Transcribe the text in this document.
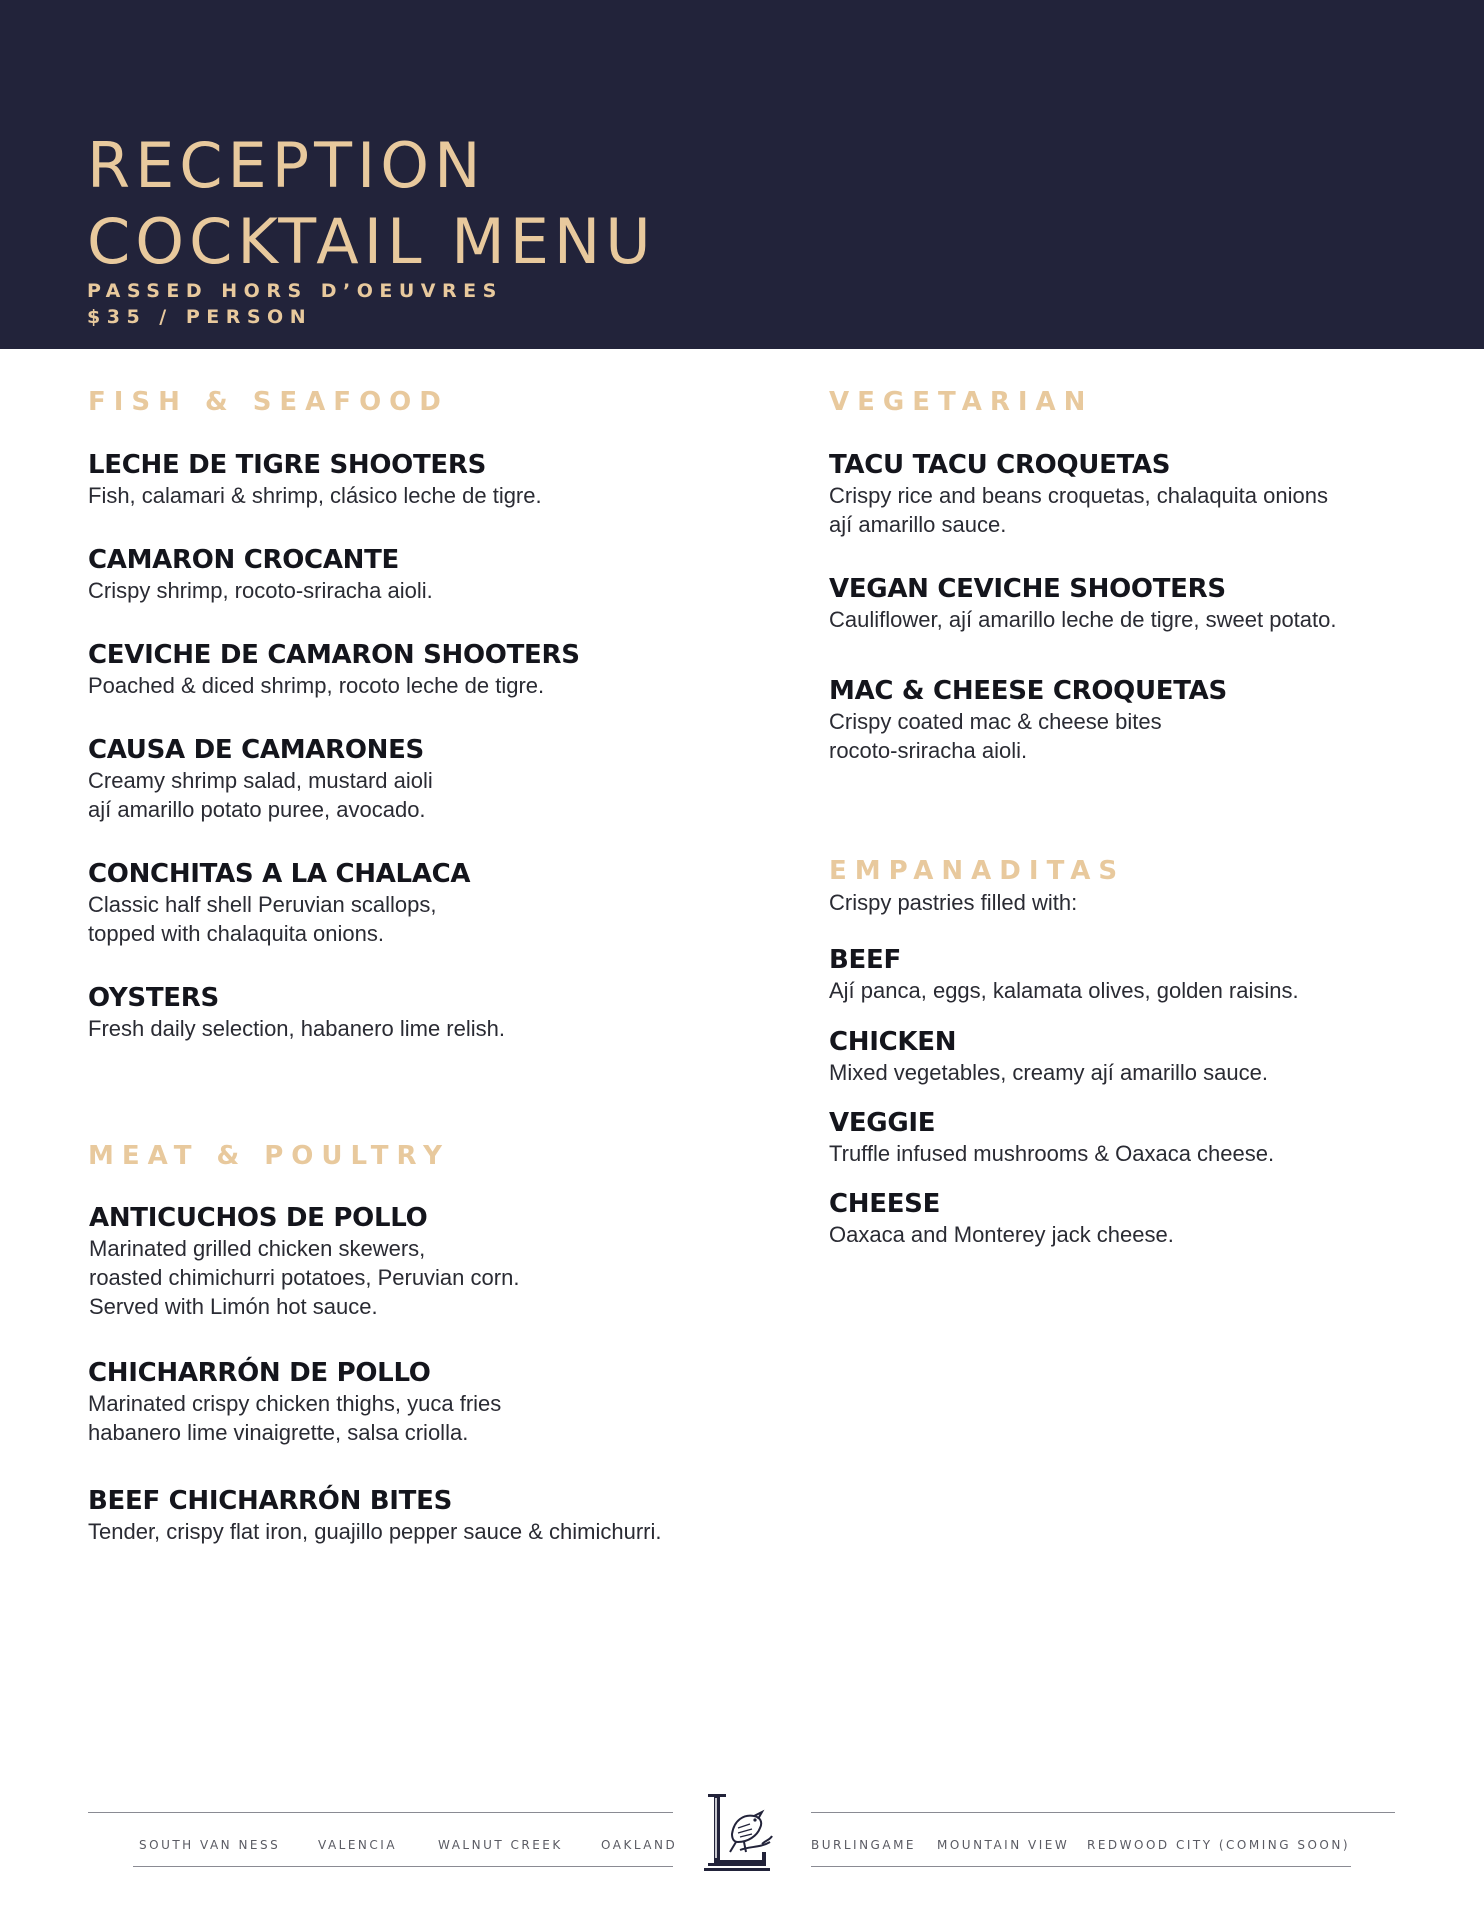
RECEPTION
COCKTAIL MENU
PASSED HORS D’OEUVRES
$35 / PERSON
FISH & SEAFOOD
LECHE DE TIGRE SHOOTERS
Fish, calamari & shrimp, clásico leche de tigre.
CAMARON CROCANTE
Crispy shrimp, rocoto-sriracha aioli.
CEVICHE DE CAMARON SHOOTERS
Poached & diced shrimp, rocoto leche de tigre.
CAUSA DE CAMARONES
Creamy shrimp salad, mustard aioli
ají amarillo potato puree, avocado.
CONCHITAS A LA CHALACA
Classic half shell Peruvian scallops,
topped with chalaquita onions.
OYSTERS
Fresh daily selection, habanero lime relish.
MEAT & POULTRY
ANTICUCHOS DE POLLO
Marinated grilled chicken skewers,
roasted chimichurri potatoes, Peruvian corn.
Served with Limón hot sauce.
CHICHARRÓN DE POLLO
Marinated crispy chicken thighs, yuca fries
habanero lime vinaigrette, salsa criolla.
BEEF CHICHARRÓN BITES
Tender, crispy flat iron, guajillo pepper sauce & chimichurri.
VEGETARIAN
TACU TACU CROQUETAS
Crispy rice and beans croquetas, chalaquita onions
ají amarillo sauce.
VEGAN CEVICHE SHOOTERS
Cauliflower, ají amarillo leche de tigre, sweet potato.
MAC & CHEESE CROQUETAS
Crispy coated mac & cheese bites
rocoto-sriracha aioli.
EMPANADITAS
Crispy pastries filled with:
BEEF
Ají panca, eggs, kalamata olives, golden raisins.
CHICKEN
Mixed vegetables, creamy ají amarillo sauce.
VEGGIE
Truffle infused mushrooms & Oaxaca cheese.
CHEESE
Oaxaca and Monterey jack cheese.
SOUTH VAN NESS	VALENCIA	WALNUT CREEK	OAKLAND	BURLINGAME MOUNTAIN VIEW REDWOOD CITY (COMING SOON)
